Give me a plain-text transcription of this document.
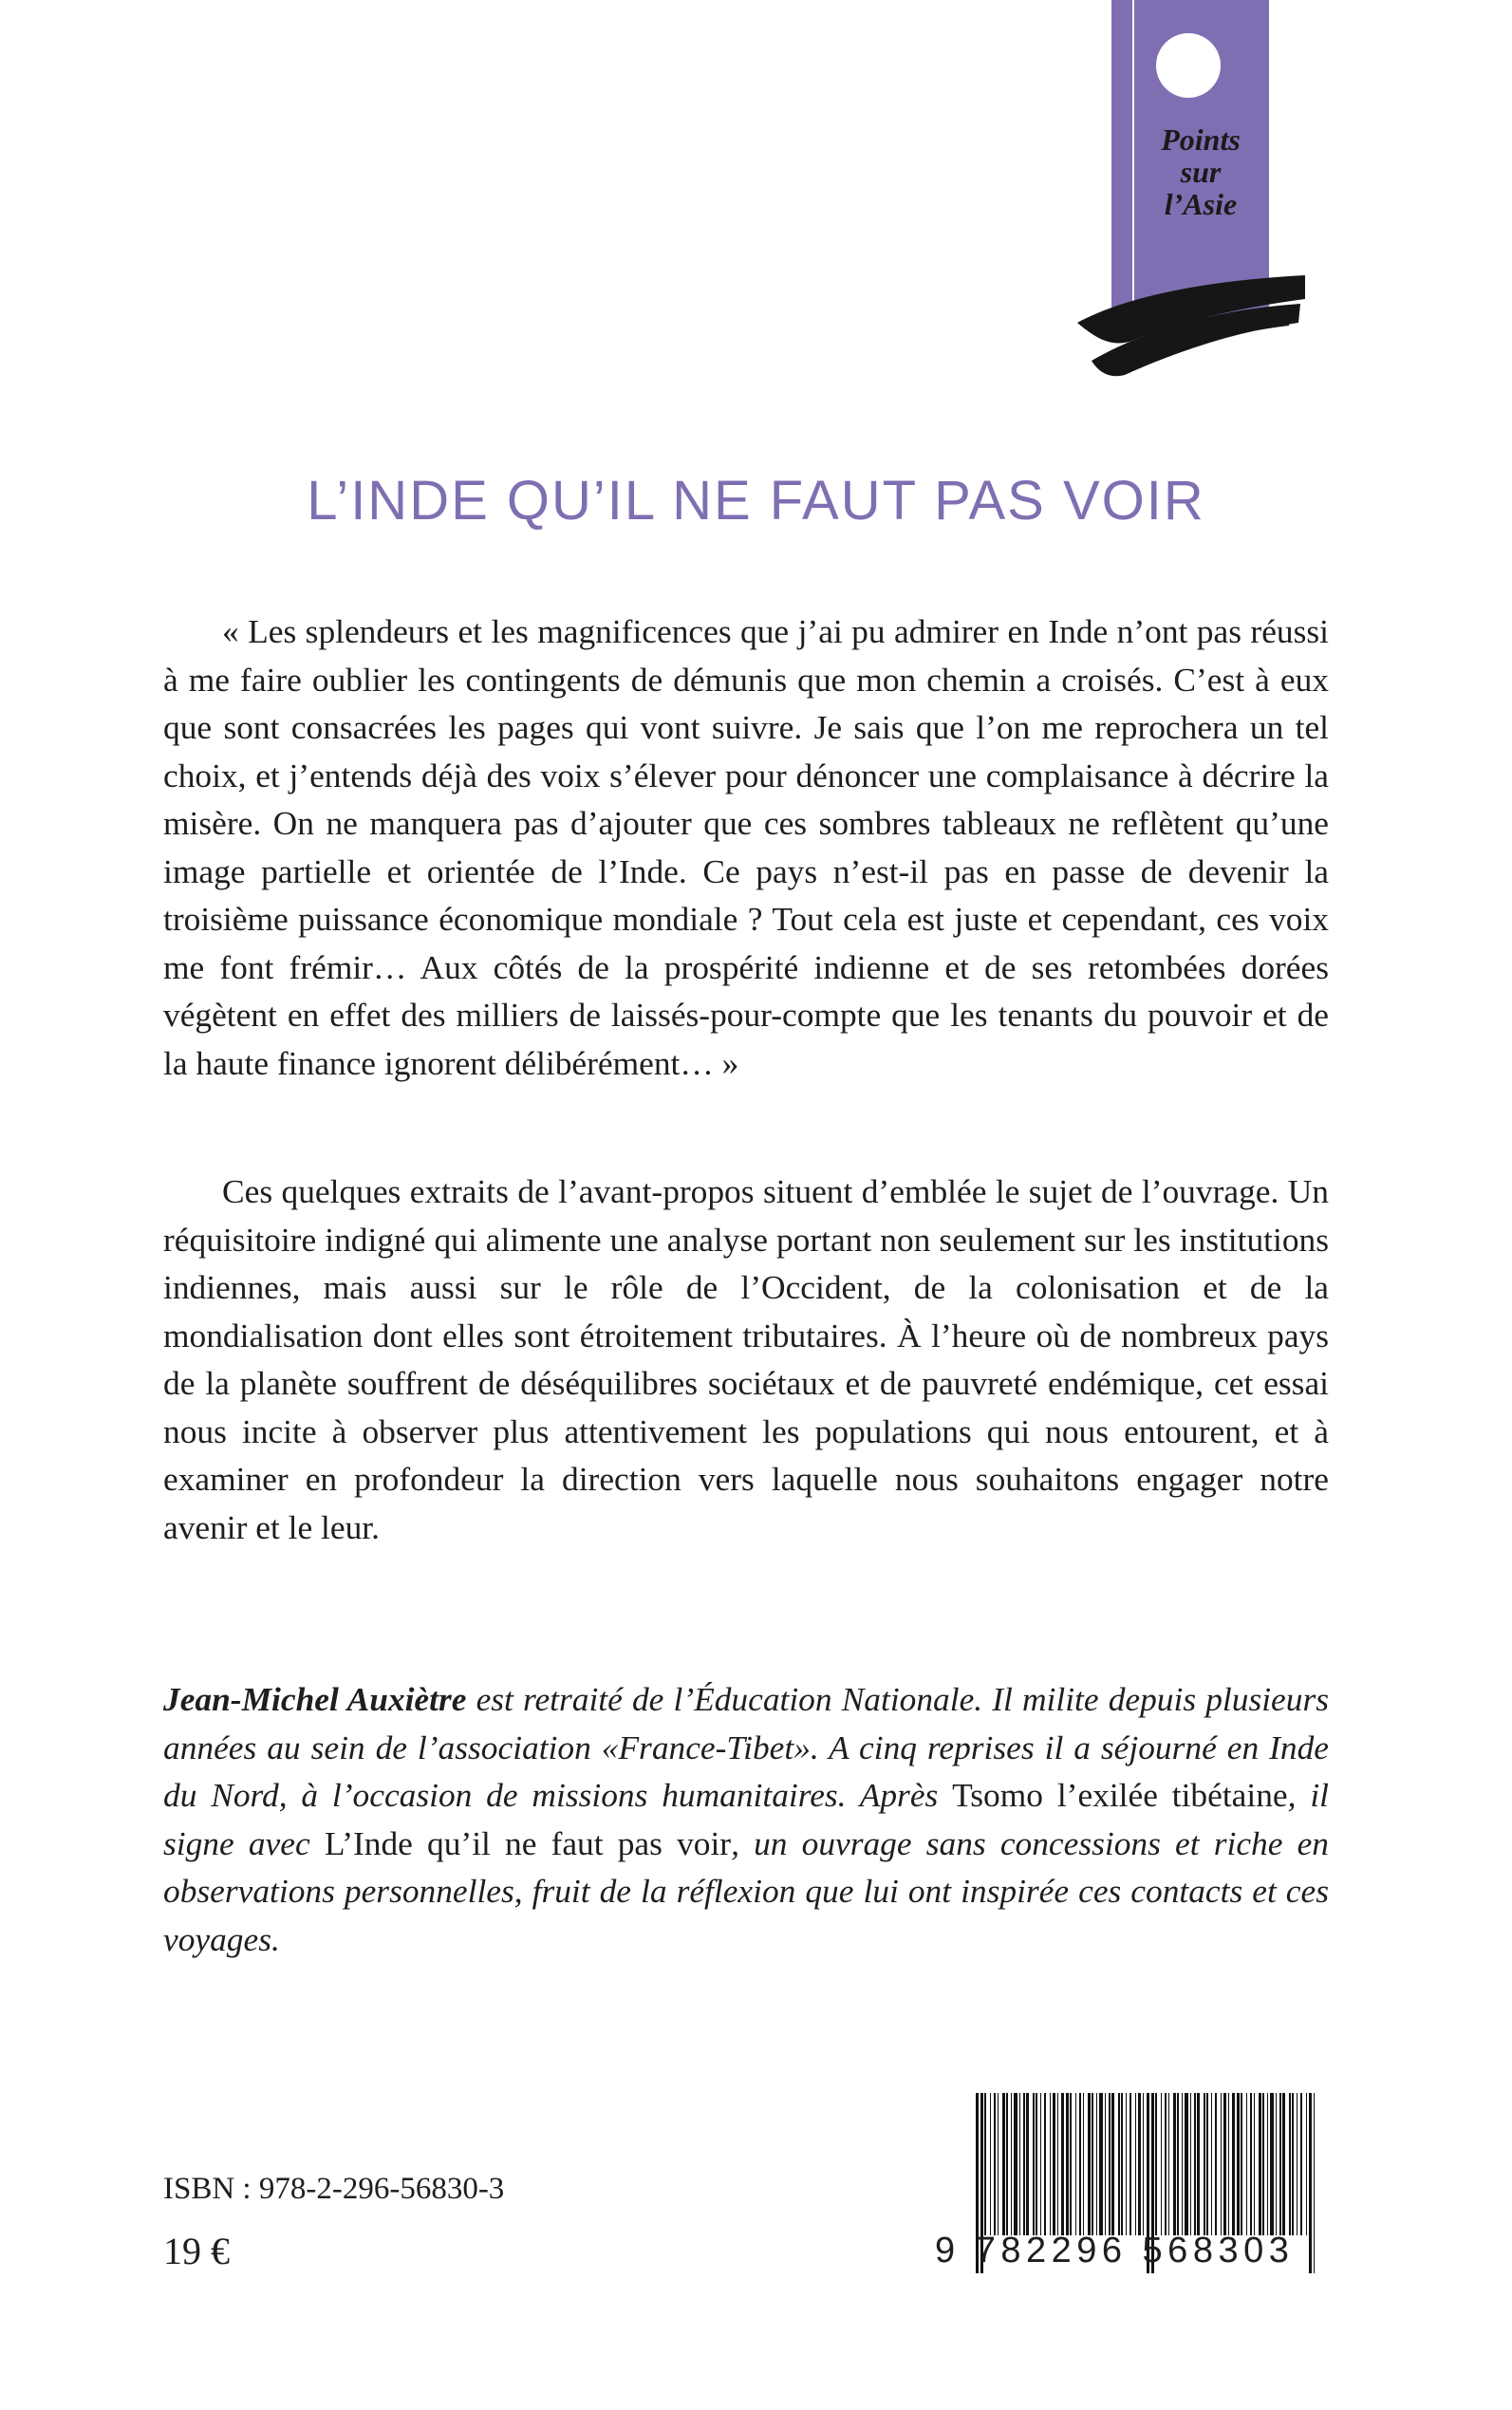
Points
sur
l’Asie
L’INDE QU’IL NE FAUT PAS VOIR

« Les splendeurs et les magnificences que j’ai pu admirer en Inde n’ont pas réussi à me faire oublier les contingents de démunis que mon chemin a croisés. C’est à eux que sont consacrées les pages qui vont suivre. Je sais que l’on me reprochera un tel choix, et j’entends déjà des voix s’élever pour dénoncer une complaisance à décrire la misère. On ne manquera pas d’ajouter que ces sombres tableaux ne reflètent qu’une image partielle et orientée de l’Inde. Ce pays n’est-il pas en passe de devenir la troisième puissance économique mondiale ? Tout cela est juste et cependant, ces voix me font frémir… Aux côtés de la prospérité indienne et de ses retombées dorées végètent en effet des milliers de laissés-pour-compte que les tenants du pouvoir et de la haute finance ignorent délibérément… »

Ces quelques extraits de l’avant-propos situent d’emblée le sujet de l’ouvrage. Un réquisitoire indigné qui alimente une analyse portant non seulement sur les institutions indiennes, mais aussi sur le rôle de l’Occident, de la colonisation et de la mondialisation dont elles sont étroitement tributaires. À l’heure où de nombreux pays de la planète souffrent de déséquilibres sociétaux et de pauvreté endémique, cet essai nous incite à observer plus attentivement les populations qui nous entourent, et à examiner en profondeur la direction vers laquelle nous souhaitons engager notre avenir et le leur.

Jean-Michel Auxiètre est retraité de l’Éducation Nationale. Il milite depuis plusieurs années au sein de l’association «France-Tibet». A cinq reprises il a séjourné en Inde du Nord, à l’occasion de missions humanitaires. Après Tsomo l’exilée tibétaine, il signe avec L’Inde qu’il ne faut pas voir, un ouvrage sans concessions et riche en observations personnelles, fruit de la réflexion que lui ont inspirée ces contacts et ces voyages.

ISBN : 978-2-296-56830-3
19 €	9 782296 568303
